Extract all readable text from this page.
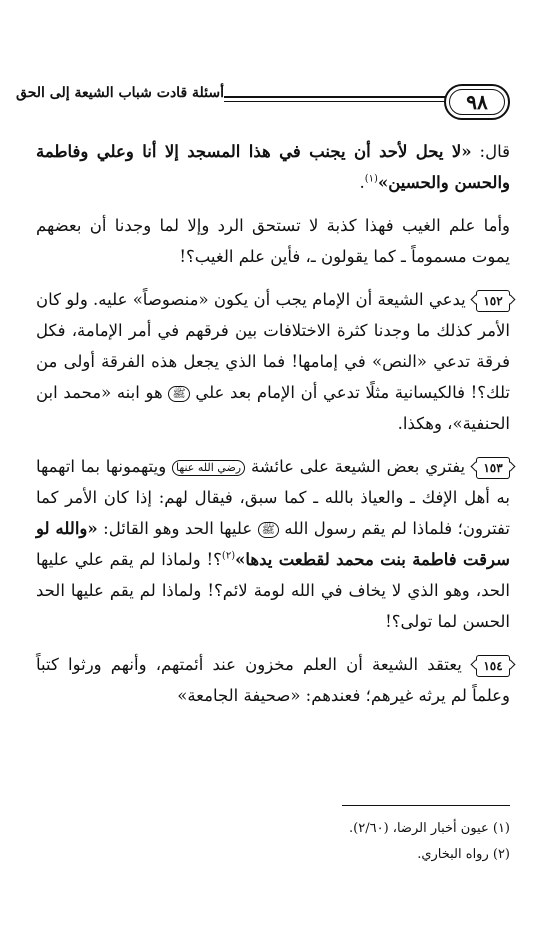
٩٨
أسئلة قادت شباب الشيعة إلى الحق

قال: «لا يحل لأحد أن يجنب في هذا المسجد إلا أنا وعلي وفاطمة والحسن والحسين»$^{(١)}$.

وأما علم الغيب فهذا كذبة لا تستحق الرد وإلا لما وجدنا أن بعضهم يموت مسموماً ـ كما يقولون ـ، فأين علم الغيب؟!

١٥٢ يدعي الشيعة أن الإمام يجب أن يكون «منصوصاً» عليه. ولو كان الأمر كذلك ما وجدنا كثرة الاختلافات بين فرقهم في أمر الإمامة، فكل فرقة تدعي «النص» في إمامها! فما الذي يجعل هذه الفرقة أولى من تلك؟! فالكيسانية مثلًا تدعي أن الإمام بعد علي ﷺ هو ابنه «محمد ابن الحنفية»، وهكذا.

١٥٣ يفتري بعض الشيعة على عائشة رضي الله عنها ويتهمونها بما اتهمها به أهل الإفك ـ والعياذ بالله ـ كما سبق، فيقال لهم: إذا كان الأمر كما تفترون؛ فلماذا لم يقم رسول الله ﷺ عليها الحد وهو القائل: «والله لو سرقت فاطمة بنت محمد لقطعت يدها»$^{(٢)}$؟! ولماذا لم يقم علي عليها الحد، وهو الذي لا يخاف في الله لومة لائم؟! ولماذا لم يقم عليها الحد الحسن لما تولى؟!

١٥٤ يعتقد الشيعة أن العلم مخزون عند أئمتهم، وأنهم ورثوا كتباً وعلماً لم يرثه غيرهم؛ فعندهم: «صحيفة الجامعة»

(١) عيون أخبار الرضا، (٢/٦٠).
(٢) رواه البخاري.
